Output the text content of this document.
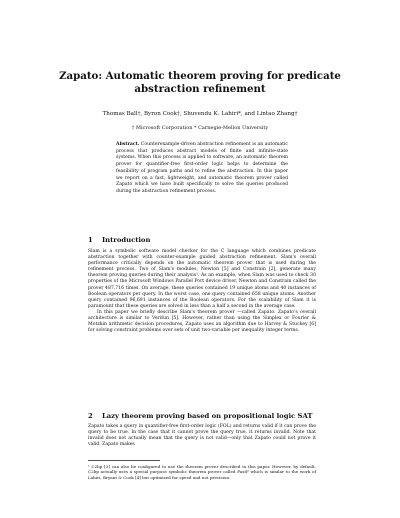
Zapato: Automatic theorem proving for predicate abstraction refinement
Thomas Ball†, Byron Cook†, Shuvendu K. Lahiri*, and Lintao Zhang†
† Microsoft Corporation * Carnegie-Mellon University
Abstract. Counterexample-driven abstraction refinement is an automatic process that produces abstract models of finite and infinite-state systems. When this process is applied to software, an automatic theorem prover for quantifier-free first-order logic helps to determine the feasibility of program paths and to refine the abstraction. In this paper we report on a fast, lightweight, and automatic theorem prover called Zapato which we have built specifically to solve the queries produced during the abstraction refinement process.
1 Introduction

Slam is a symbolic software model checker for the C language which combines predicate abstraction together with counter-example guided abstraction refinement. Slam's overall performance critically depends on the automatic theorem prover that is used during the refinement process. Two of Slam's modules, Newton [5] and Constrain [2], generate many theorem proving queries during their analysis¹. As an example, when Slam was used to check 30 properties of the Microsoft Windows Parallel Port device driver, Newton and Constrain called the prover 487,716 times. On average, these queries contained 19 unique atoms and 40 instances of Boolean operators per query. In the worst case, one query contained 658 unique atoms. Another query contained 96,691 instances of the Boolean operators. For the scalability of Slam it is paramount that these queries are solved in less than a half a second in the average case.

In this paper we briefly describe Slam's theorem prover —called Zapato. Zapato's overall architecture is similar to Verifun [5]. However, rather than using the Simplex or Fourier & Motzkin arithmetic decision procedures, Zapato uses an algorithm due to Harvey & Stuckey [6] for solving constraint problems over sets of unit two-variable per inequality integer terms.

2 Lazy theorem proving based on propositional logic SAT

Zapato takes a query in quantifier-free first-order logic (FOL) and returns valid if it can prove the query to be true. In the case that it cannot prove the query true, it returns invalid. Note that invalid does not actually mean that the query is not valid—only that Zapato could not prove it valid. Zapato makes

¹ C2bp [3] can also be configured to use the theorem prover described in this paper. However, by default, C2bp actually uses a special purpose symbolic theorem prover called FastF which is similar to the work of Lahiri, Bryant & Cook [4] but optimized for speed and not precision.
